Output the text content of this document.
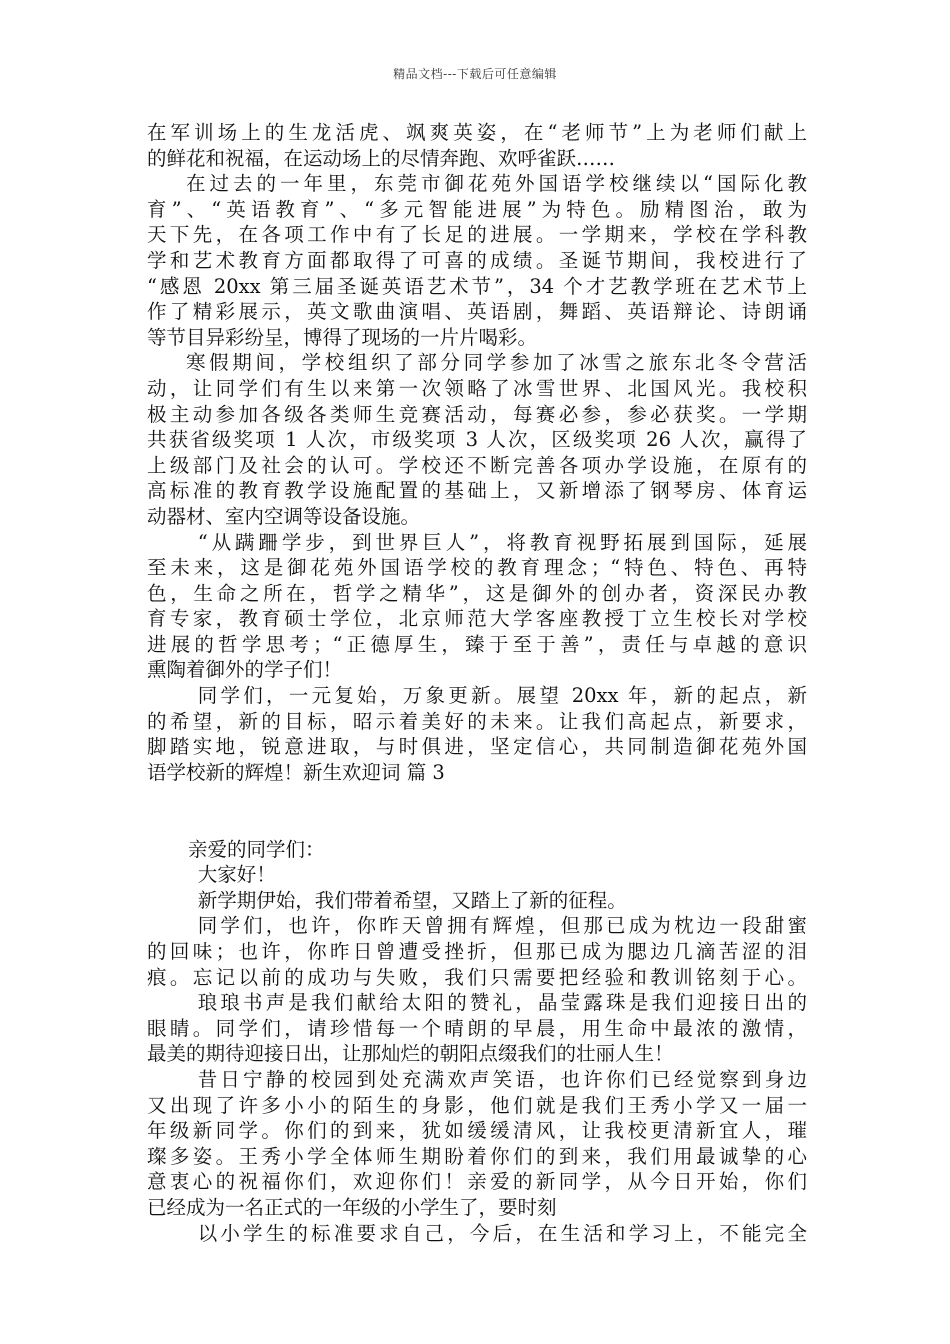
精品文档---下载后可任意编辑
在军训场上的生龙活虎、飒爽英姿，在“老师节”上为老师们献上
的鲜花和祝福，在运动场上的尽情奔跑、欢呼雀跃……
在过去的一年里，东莞市御花苑外国语学校继续以“国际化教
育”、“英语教育”、“多元智能进展”为特色。励精图治，敢为
天下先，在各项工作中有了长足的进展。一学期来，学校在学科教
学和艺术教育方面都取得了可喜的成绩。圣诞节期间，我校进行了
“感恩 20xx 第三届圣诞英语艺术节”，34 个才艺教学班在艺术节上
作了精彩展示，英文歌曲演唱、英语剧，舞蹈、英语辩论、诗朗诵
等节目异彩纷呈，博得了现场的一片片喝彩。
寒假期间，学校组织了部分同学参加了冰雪之旅东北冬令营活
动，让同学们有生以来第一次领略了冰雪世界、北国风光。我校积
极主动参加各级各类师生竞赛活动，每赛必参，参必获奖。一学期
共获省级奖项 1 人次，市级奖项 3 人次，区级奖项 26 人次，赢得了
上级部门及社会的认可。学校还不断完善各项办学设施，在原有的
高标准的教育教学设施配置的基础上，又新增添了钢琴房、体育运
动器材、室内空调等设备设施。
“从蹒跚学步，到世界巨人”，将教育视野拓展到国际，延展
至未来，这是御花苑外国语学校的教育理念；“特色、特色、再特
色，生命之所在，哲学之精华”，这是御外的创办者，资深民办教
育专家，教育硕士学位，北京师范大学客座教授丁立生校长对学校
进展的哲学思考；“正德厚生，臻于至于善”，责任与卓越的意识
熏陶着御外的学子们！
同学们，一元复始，万象更新。展望 20xx 年，新的起点，新
的希望，新的目标，昭示着美好的未来。让我们高起点，新要求，
脚踏实地，锐意进取，与时俱进，坚定信心，共同制造御花苑外国
语学校新的辉煌！新生欢迎词 篇 3
亲爱的同学们：
大家好！
新学期伊始，我们带着希望，又踏上了新的征程。
同学们，也许，你昨天曾拥有辉煌，但那已成为枕边一段甜蜜
的回味；也许，你昨日曾遭受挫折，但那已成为腮边几滴苦涩的泪
痕。忘记以前的成功与失败，我们只需要把经验和教训铭刻于心。
琅琅书声是我们献给太阳的赞礼，晶莹露珠是我们迎接日出的
眼睛。同学们，请珍惜每一个晴朗的早晨，用生命中最浓的激情，
最美的期待迎接日出，让那灿烂的朝阳点缀我们的壮丽人生！
昔日宁静的校园到处充满欢声笑语，也许你们已经觉察到身边
又出现了许多小小的陌生的身影，他们就是我们王秀小学又一届一
年级新同学。你们的到来，犹如缓缓清风，让我校更清新宜人，璀
璨多姿。王秀小学全体师生期盼着你们的到来，我们用最诚挚的心
意衷心的祝福你们，欢迎你们！亲爱的新同学，从今日开始，你们
已经成为一名正式的一年级的小学生了，要时刻
以小学生的标准要求自己，今后，在生活和学习上，不能完全
